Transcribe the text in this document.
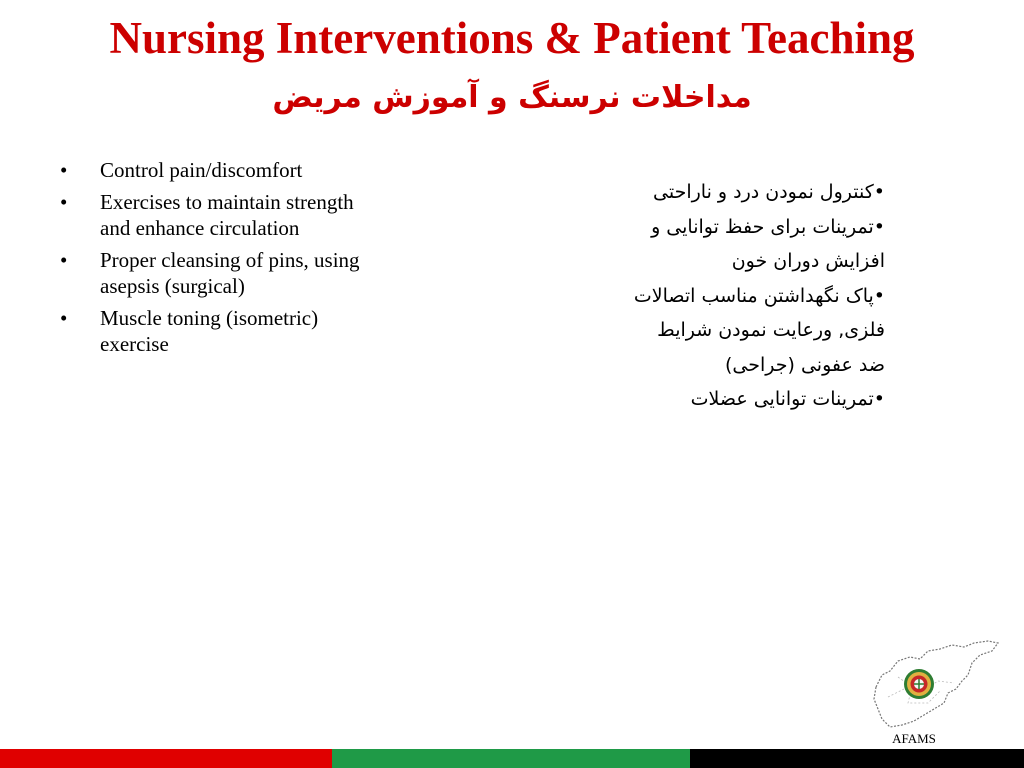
Nursing Interventions & Patient Teaching
مداخلات نرسنگ و آموزش مریض
• Control pain/discomfort
• Exercises to maintain strength and enhance circulation
• Proper cleansing of pins, using asepsis (surgical)
• Muscle toning (isometric) exercise

•کنترول نمودن درد و ناراحتی

•تمرینات برای حفظ توانایی و

افزایش دوران خون

•پاک نگهداشتن مناسب اتصالات

فلزی, ورعایت نمودن شرایط

ضد عفونی (جراحی)

•تمرینات توانایی عضلات

AFAMS
